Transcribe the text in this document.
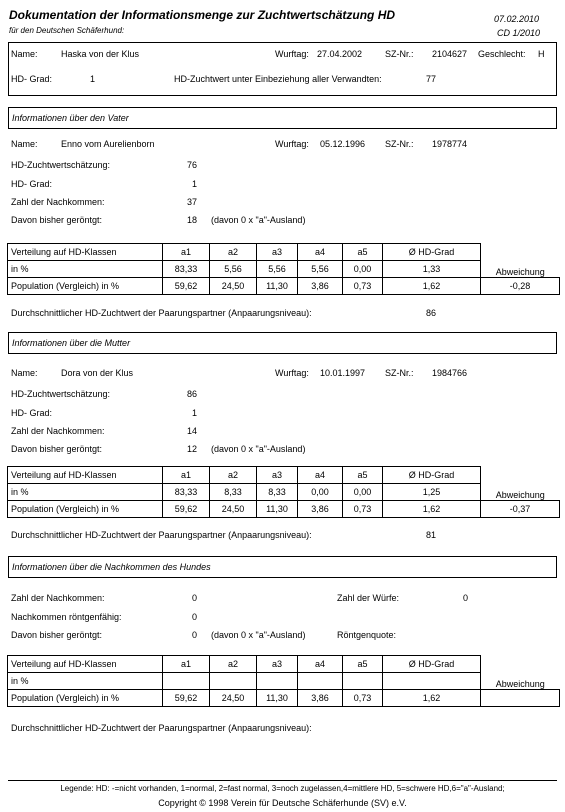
Dokumentation der Informationsmenge zur Zuchtwertschätzung HD
für den Deutschen Schäferhund:
07.02.2010
CD 1/2010
Name:	Haska von der Klus	Wurftag: 27.04.2002	SZ-Nr.: 2104627 Geschlecht: H
HD- Grad:	1	HD-Zuchtwert unter Einbeziehung aller Verwandten:	77
Informationen über den Vater
Name:	Enno vom Aurelienborn	Wurftag: 05.12.1996 SZ-Nr.: 1978774
HD-Zuchtwertschätzung:	76
HD- Grad:	1
Zahl der Nachkommen:	37
Davon bisher geröntgt:	18 (davon 0 x "a"-Ausland)
Verteilung auf HD-Klassen	a1	a2	a3	a4	a5	Ø HD-Grad	
in %	83,33	5,56	5,56	5,56	0,00	1,33	Abweichung
Population (Vergleich) in %	59,62	24,50	11,30	3,86	0,73	1,62	-0,28
Durchschnittlicher HD-Zuchtwert der Paarungspartner (Anpaarungsniveau):	86
Informationen über die Mutter
Name:	Dora von der Klus	Wurftag: 10.01.1997 SZ-Nr.: 1984766
HD-Zuchtwertschätzung:	86
HD- Grad:	1
Zahl der Nachkommen:	14
Davon bisher geröntgt:	12 (davon 0 x "a"-Ausland)
Verteilung auf HD-Klassen	a1	a2	a3	a4	a5	Ø HD-Grad	
in %	83,33	8,33	8,33	0,00	0,00	1,25	Abweichung
Population (Vergleich) in %	59,62	24,50	11,30	3,86	0,73	1,62	-0,37
Durchschnittlicher HD-Zuchtwert der Paarungspartner (Anpaarungsniveau):	81
Informationen über die Nachkommen des Hundes
Zahl der Nachkommen:	0	Zahl der Würfe:	0
Nachkommen röntgenfähig:	0
Davon bisher geröntgt:	0 (davon 0 x "a"-Ausland)	Röntgenquote:
Verteilung auf HD-Klassen	a1	a2	a3	a4	a5	Ø HD-Grad	
in %							Abweichung
Population (Vergleich) in %	59,62	24,50	11,30	3,86	0,73	1,62	
Durchschnittlicher HD-Zuchtwert der Paarungspartner (Anpaarungsniveau):
Legende: HD: -=nicht vorhanden, 1=normal, 2=fast normal, 3=noch zugelassen,4=mittlere HD, 5=schwere HD,6="a"-Ausland;
Copyright © 1998 Verein für Deutsche Schäferhunde (SV) e.V.
